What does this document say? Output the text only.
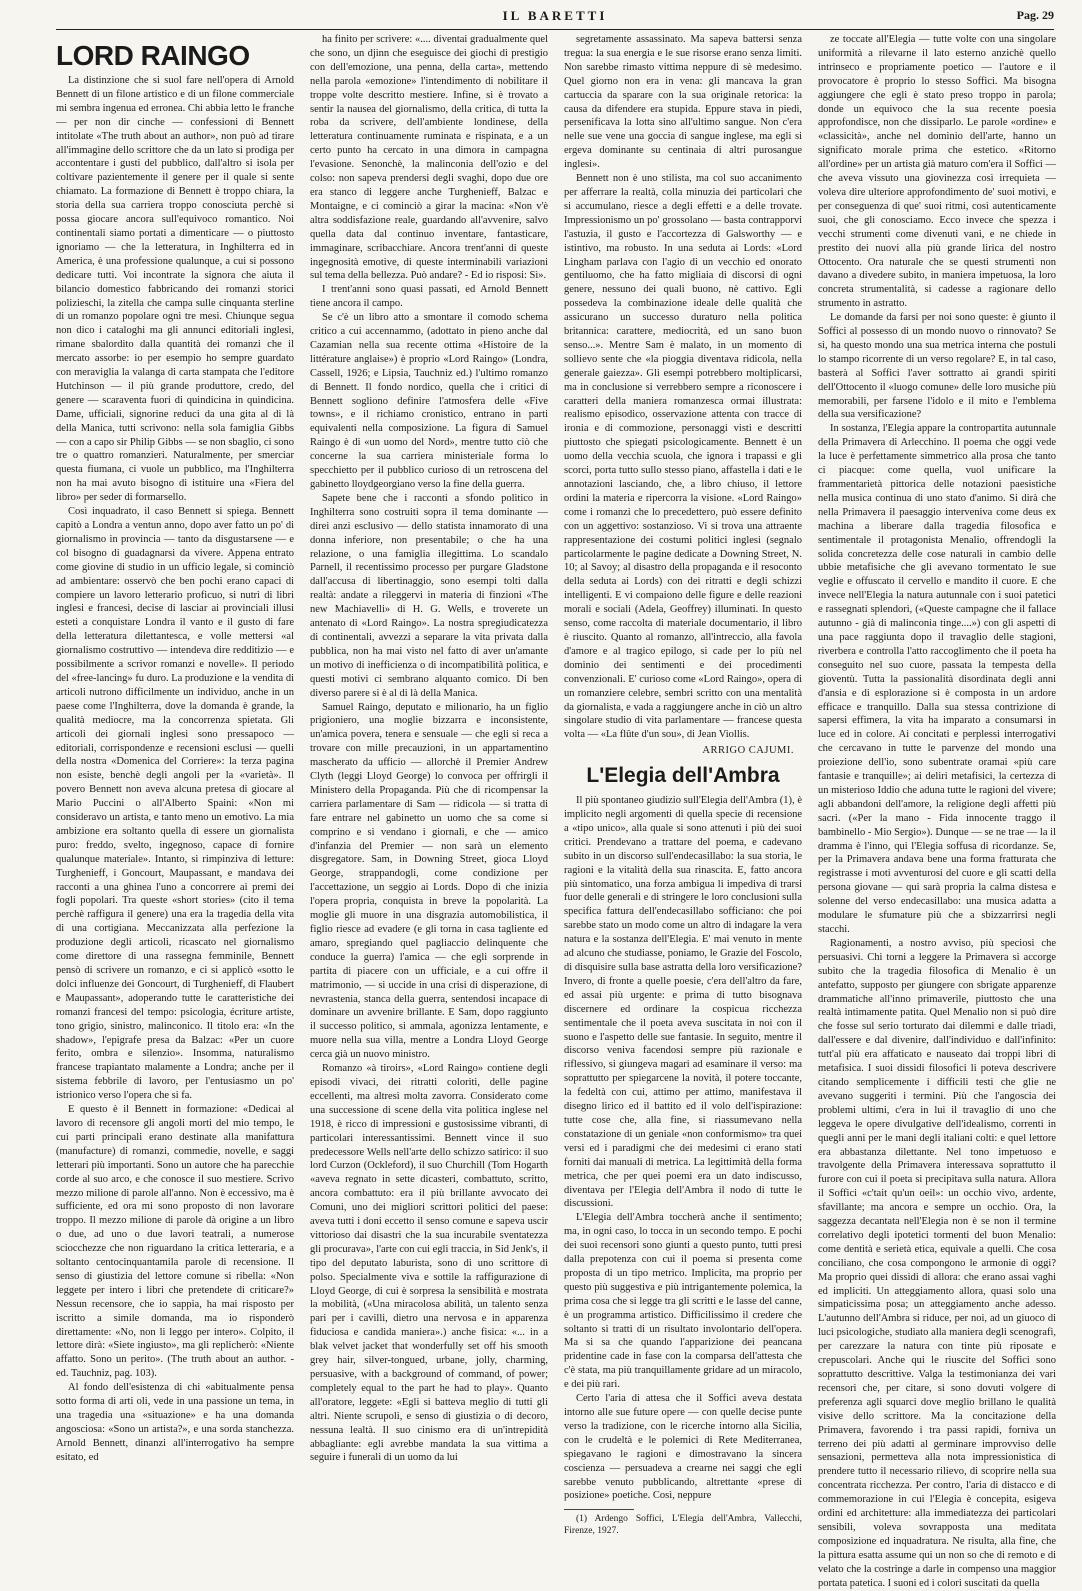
IL BARETTI	Pag. 29
LORD RAINGO

La distinzione che si suol fare nell'opera di Arnold Bennett di un filone artistico e di un filone commerciale mi sembra ingenua ed erronea. Chi abbia letto le franche — per non dir cinche — confessioni di Bennett intitolate «The truth about an author», non può ad tirare all'immagine dello scrittore che da un lato si prodiga per accontentare i gusti del pubblico, dall'altro si isola per coltivare pazientemente il genere per il quale si sente chiamato. La formazione di Bennett è troppo chiara, la storia della sua carriera troppo conosciuta perchè si possa giocare ancora sull'equivoco romantico. Noi continentali siamo portati a dimenticare — o piuttosto ignoriamo — che la letteratura, in Inghilterra ed in America, è una professione qualunque, a cui si possono dedicare tutti. Voi incontrate la signora che aiuta il bilancio domestico fabbricando dei romanzi storici polizieschi, la zitella che campa sulle cinquanta sterline di un romanzo popolare ogni tre mesi. Chiunque segua non dico i cataloghi ma gli annunci editoriali inglesi, rimane sbalordito dalla quantità dei romanzi che il mercato assorbe: io per esempio ho sempre guardato con meraviglia la valanga di carta stampata che l'editore Hutchinson — il più grande produttore, credo, del genere — scaraventa fuori di quindicina in quindicina. Dame, ufficiali, signorine reduci da una gita al di là della Manica, tutti scrivono: nella sola famiglia Gibbs — con a capo sir Philip Gibbs — se non sbaglio, ci sono tre o quattro romanzieri. Naturalmente, per smerciar questa fiumana, ci vuole un pubblico, ma l'Inghilterra non ha mai avuto bisogno di istituire una «Fiera del libro» per seder di formarsello.

Così inquadrato, il caso Bennett si spiega. Bennett capitò a Londra a ventun anno, dopo aver fatto un po' di giornalismo in provincia — tanto da disgustarsene — e col bisogno di guadagnarsi da vivere. Appena entrato come giovine di studio in un ufficio legale, si cominciò ad ambientare: osservò che ben pochi erano capaci di compiere un lavoro letterario proficuo, si nutrì di libri inglesi e francesi, decise di lasciar ai provinciali illusi esteti a conquistare Londra il vanto e il gusto di fare della letteratura dilettantesca, e volle mettersi «al giornalismo costruttivo — intendeva dire redditizio — e possibilmente a scrivor romanzi e novelle». Il periodo del «free-lancing» fu duro. La produzione e la vendita di articoli nutrono difficilmente un individuo, anche in un paese come l'Inghilterra, dove la domanda è grande, la qualità mediocre, ma la concorrenza spietata. Gli articoli dei giornali inglesi sono pressapoco — editoriali, corrispondenze e recensioni esclusi — quelli della nostra «Domenica del Corriere»: la terza pagina non esiste, benchè degli angoli per la «varietà». Il povero Bennett non aveva alcuna pretesa di giocare al Mario Puccini o all'Alberto Spaini: «Non mi consideravo un artista, e tanto meno un emotivo. La mia ambizione era soltanto quella di essere un giornalista puro: freddo, svelto, ingegnoso, capace di fornire qualunque materiale». Intanto, si rimpinziva di letture: Turghenieff, i Goncourt, Maupassant, e mandava dei racconti a una ghinea l'uno a concorrere ai premi dei fogli popolari. Tra queste «short stories» (cito il tema perchè raffigura il genere) una era la tragedia della vita di una cortigiana. Meccanizzata alla perfezione la produzione degli articoli, ricascato nel giornalismo come direttore di una rassegna femminile, Bennett pensò di scrivere un romanzo, e ci si applicò «sotto le dolci influenze dei Goncourt, di Turghenieff, di Flaubert e Maupassant», adoperando tutte le caratteristiche dei romanzi francesi del tempo: psicologia, écriture artiste, tono grigio, sinistro, malinconico. Il titolo era: «In the shadow», l'epigrafe presa da Balzac: «Per un cuore ferito, ombra e silenzio». Insomma, naturalismo francese trapiantato malamente a Londra; anche per il sistema febbrile di lavoro, per l'entusiasmo un po' istrionico verso l'opera che si fa.

E questo è il Bennett in formazione: «Dedicai al lavoro di recensore gli angoli morti del mio tempo, le cui parti principali erano destinate alla manifattura (manufacture) di romanzi, commedie, novelle, e saggi letterari più importanti. Sono un autore che ha parecchie corde al suo arco, e che conosce il suo mestiere. Scrivo mezzo milione di parole all'anno. Non è eccessivo, ma è sufficiente, ed ora mi sono proposto di non lavorare troppo. Il mezzo milione di parole dà origine a un libro o due, ad uno o due lavori teatrali, a numerose sciocchezze che non riguardano la critica letteraria, e a soltanto centocinquantamila parole di recensione. Il senso di giustizia del lettore comune si ribella: «Non leggete per intero i libri che pretendete di criticare?» Nessun recensore, che io sappia, ha mai risposto per iscritto a simile domanda, ma io risponderò direttamente: «No, non li leggo per intero». Colpito, il lettore dirà: «Siete ingiusto», ma gli replicherò: «Niente affatto. Sono un perito». (The truth about an author. - ed. Tauchniz, pag. 103).

Al fondo dell'esistenza di chi «abitualmente pensa sotto forma di arti oli, vede in una passione un tema, in una tragedia una «situazione» e ha una domanda angosciosa: «Sono un artista?», e una sorda stanchezza. Arnold Bennett, dinanzi all'interrogativo ha sempre esitato, ed

ha finito per scrivere: «.... diventai gradualmente quel che sono, un djinn che eseguisce dei giochi di prestigio con dell'emozione, una penna, della carta», mettendo nella parola «emozione» l'intendimento di nobilitare il troppe volte descritto mestiere. Infine, si è trovato a sentir la nausea del giornalismo, della critica, di tutta la roba da scrivere, dell'ambiente londinese, della letteratura continuamente ruminata e rispinata, e a un certo punto ha cercato in una dimora in campagna l'evasione. Senonchè, la malinconia dell'ozio e del colso: non sapeva prendersi degli svaghi, dopo due ore era stanco di leggere anche Turghenieff, Balzac e Montaigne, e ci cominciò a girar la macina: «Non v'è altra soddisfazione reale, guardando all'avvenire, salvo quella data dal continuo inventare, fantasticare, immaginare, scribacchiare. Ancora trent'anni di queste ingegnosità emotive, di queste interminabili variazioni sul tema della bellezza. Può andare? - Ed io risposi: Sì».

I trent'anni sono quasi passati, ed Arnold Bennett tiene ancora il campo.

Se c'è un libro atto a smontare il comodo schema critico a cui accennammo, (adottato in pieno anche dal Cazamian nella sua recente ottima «Histoire de la littérature anglaise») è proprio «Lord Raingo» (Londra, Cassell, 1926; e Lipsia, Tauchniz ed.) l'ultimo romanzo di Bennett. Il fondo nordico, quella che i critici di Bennett sogliono definire l'atmosfera delle «Five towns», e il richiamo cronistico, entrano in parti equivalenti nella composizione. La figura di Samuel Raingo è di «un uomo del Nord», mentre tutto ciò che concerne la sua carriera ministeriale forma lo specchietto per il pubblico curioso di un retroscena del gabinetto lloydgeorgiano verso la fine della guerra.

Sapete bene che i racconti a sfondo politico in Inghilterra sono costruiti sopra il tema dominante — direi anzi esclusivo — dello statista innamorato di una donna inferiore, non presentabile; o che ha una relazione, o una famiglia illegittima. Lo scandalo Parnell, il recentissimo processo per purgare Gladstone dall'accusa di libertinaggio, sono esempi tolti dalla realtà: andate a rileggervi in materia di finzioni «The new Machiavelli» di H. G. Wells, e troverete un antenato di «Lord Raingo». La nostra spregiudicatezza di continentali, avvezzi a separare la vita privata dalla pubblica, non ha mai visto nel fatto di aver un'amante un motivo di inefficienza o di incompatibilità politica, e questi motivi ci sembrano alquanto comico. Di ben diverso parere si è al di là della Manica.

Samuel Raingo, deputato e milionario, ha un figlio prigioniero, una moglie bizzarra e inconsistente, un'amica povera, tenera e sensuale — che egli si reca a trovare con mille precauzioni, in un appartamentino mascherato da ufficio — allorchè il Premier Andrew Clyth (leggi Lloyd George) lo convoca per offrirgli il Ministero della Propaganda. Più che di ricompensar la carriera parlamentare di Sam — ridicola — si tratta di fare entrare nel gabinetto un uomo che sa come si comprino e si vendano i giornali, e che — amico d'infanzia del Premier — non sarà un elemento disgregatore. Sam, in Downing Street, gioca Lloyd George, strappandogli, come condizione per l'accettazione, un seggio ai Lords. Dopo di che inizia l'opera propria, conquista in breve la popolarità. La moglie gli muore in una disgrazia automobilistica, il figlio riesce ad evadere (e gli torna in casa tagliente ed amaro, spregiando quel pagliaccio delinquente che conduce la guerra) l'amica — che egli sorprende in partita di piacere con un ufficiale, e a cui offre il matrimonio, — si uccide in una crisi di disperazione, di nevrastenia, stanca della guerra, sentendosi incapace di dominare un avvenire brillante. E Sam, dopo raggiunto il successo politico, si ammala, agonizza lentamente, e muore nella sua villa, mentre a Londra Lloyd George cerca già un nuovo ministro.

Romanzo «à tiroirs», «Lord Raingo» contiene degli episodi vivaci, dei ritratti coloriti, delle pagine eccellenti, ma altresì molta zavorra. Considerato come una successione di scene della vita politica inglese nel 1918, è ricco di impressioni e gustosissime vibranti, di particolari interessantissimi. Bennett vince il suo predecessore Wells nell'arte dello schizzo satirico: il suo lord Curzon (Ockleford), il suo Churchill (Tom Hogarth «aveva regnato in sette dicasteri, combattuto, scritto, ancora combattuto: era il più brillante avvocato dei Comuni, uno dei migliori scrittori politici del paese: aveva tutti i doni eccetto il senso comune e sapeva uscir vittorioso dai disastri che la sua incurabile sventatezza gli procurava», l'arte con cui egli traccia, in Sid Jenk's, il tipo del deputato laburista, sono di uno scrittore di polso. Specialmente viva e sottile la raffigurazione di Lloyd George, di cui è sorpresa la sensibilità e mostrata la mobilità, («Una miracolosa abilità, un talento senza pari per i cavilli, dietro una nervosa e in apparenza fiduciosa e candida maniera».) anche fisica: «... in a blak velvet jacket that wonderfully set off his smooth grey hair, silver-tongued, urbane, jolly, charming, persuasive, with a background of command, of power; completely equal to the part he had to play». Quanto all'oratore, leggete: «Egli si batteva meglio di tutti gli altri. Niente scrupoli, e senso di giustizia o di decoro, nessuna lealtà. Il suo cinismo era di un'intrepidità abbagliante: egli avrebbe mandata la sua vittima a seguire i funerali di un uomo da lui

segretamente assassinato. Ma sapeva battersi senza tregua: la sua energia e le sue risorse erano senza limiti. Non sarebbe rimasto vittima neppure di sè medesimo. Quel giorno non era in vena: gli mancava la gran cartuccia da sparare con la sua originale retorica: la causa da difendere era stupida. Eppure stava in piedi, persenificava la lotta sino all'ultimo sangue. Non c'era nelle sue vene una goccia di sangue inglese, ma egli si ergeva dominante su centinaia di altri purosangue inglesi».

Bennett non è uno stilista, ma col suo accanimento per afferrare la realtà, colla minuzia dei particolari che si accumulano, riesce a degli effetti e a delle trovate. Impressionismo un po' grossolano — basta contrapporvi l'astuzia, il gusto e l'accortezza di Galsworthy — e istintivo, ma robusto. In una seduta ai Lords: «Lord Lingham parlava con l'agio di un vecchio ed onorato gentiluomo, che ha fatto migliaia di discorsi di ogni genere, nessuno dei quali buono, nè cattivo. Egli possedeva la combinazione ideale delle qualità che assicurano un successo duraturo nella politica britannica: carattere, mediocrità, ed un sano buon senso...». Mentre Sam è malato, in un momento di sollievo sente che «la pioggia diventava ridicola, nella generale gaiezza». Gli esempi potrebbero moltiplicarsi, ma in conclusione si verrebbero sempre a riconoscere i caratteri della maniera romanzesca ormai illustrata: realismo episodico, osservazione attenta con tracce di ironia e di commozione, personaggi visti e descritti piuttosto che spiegati psicologicamente. Bennett è un uomo della vecchia scuola, che ignora i trapassi e gli scorci, porta tutto sullo stesso piano, affastella i dati e le annotazioni lasciando, che, a libro chiuso, il lettore ordini la materia e ripercorra la visione. «Lord Raingo» come i romanzi che lo precedettero, può essere definito con un aggettivo: sostanzioso. Vi si trova una attraente rappresentazione dei costumi politici inglesi (segnalo particolarmente le pagine dedicate a Downing Street, N. 10; al Savoy; al disastro della propaganda e il resoconto della seduta ai Lords) con dei ritratti e degli schizzi intelligenti. E vi compaiono delle figure e delle reazioni morali e sociali (Adela, Geoffrey) illuminati. In questo senso, come raccolta di materiale documentario, il libro è riuscito. Quanto al romanzo, all'intreccio, alla favola d'amore e al tragico epilogo, si cade per lo più nel dominio dei sentimenti e dei procedimenti convenzionali. E' curioso come «Lord Raingo», opera di un romanziere celebre, sembri scritto con una mentalità da giornalista, e vada a raggiungere anche in ciò un altro singolare studio di vita parlamentare — francese questa volta — «La flûte d'un sou», di Jean Viollis.

ARRIGO CAJUMI.
L'Elegia dell'Ambra

Il più spontaneo giudizio sull'Elegia dell'Ambra (1), è implicito negli argomenti di quella specie di recensione a «tipo unico», alla quale si sono attenuti i più dei suoi critici. Prendevano a trattare del poema, e cadevano subito in un discorso sull'endecasillabo: la sua storia, le ragioni e la vitalità della sua rinascita. E, fatto ancora più sintomatico, una forza ambigua li impediva di trarsi fuor delle generali e di stringere le loro conclusioni sulla specifica fattura dell'endecasillabo sofficiano: che poi sarebbe stato un modo come un altro di indagare la vera natura e la sostanza dell'Elegia. E' mai venuto in mente ad alcuno che studiasse, poniamo, le Grazie del Foscolo, di disquisire sulla base astratta della loro versificazione? Invero, di fronte a quelle poesie, c'era dell'altro da fare, ed assai più urgente: e prima di tutto bisognava discernere ed ordinare la cospicua ricchezza sentimentale che il poeta aveva suscitata in noi con il suono e l'aspetto delle sue fantasie. In seguito, mentre il discorso veniva facendosi sempre più razionale e riflessivo, si giungeva magari ad esaminare il verso: ma soprattutto per spiegarcene la novità, il potere toccante, la fedeltà con cui, attimo per attimo, manifestava il disegno lirico ed il battito ed il volo dell'ispirazione: tutte cose che, alla fine, si riassumevano nella constatazione di un geniale «non conformismo» tra quei versi ed i paradigmi che dei medesimi ci erano stati forniti dai manuali di metrica. La legittimità della forma metrica, che per quei poemi era un dato indiscusso, diventava per l'Elegia dell'Ambra il nodo di tutte le discussioni.

L'Elegia dell'Ambra toccherà anche il sentimento; ma, in ogni caso, lo tocca in un secondo tempo. E pochi dei suoi recensori sono giunti a questo punto, tutti presi dalla prepotenza con cui il poema si presenta come proposta di un tipo metrico. Implicita, ma proprio per questo più suggestiva e più intrigantemente polemica, la prima cosa che si legge tra gli scritti e le lasse del canne, è un programma artistico. Difficilissimo il credere che soltanto si tratti di un risultato involontario dell'opera. Ma si sa che quando l'apparizione dei peancana pridentine cade in fase con la comparsa dell'attesta che c'è stata, ma più tranquillamente gridare ad un miracolo, e dei più rari.

Certo l'aria di attesa che il Soffici aveva destata intorno alle sue future opere — con quelle decise punte verso la tradizione, con le ricerche intorno alla Sicilia, con le crudeltà e le polemici di Rete Mediterranea, spiegavano le ragioni e dimostravano la sincera coscienza — persuadeva a crearne nei saggi che egli sarebbe venuto pubblicando, altrettante «prese di posizione» poetiche. Così, neppure

(1) Ardengo Soffici, L'Elegia dell'Ambra, Vallecchi, Firenze, 1927.

ze toccate all'Elegia — tutte volte con una singolare uniformità a rilevarne il lato esterno anzichè quello intrinseco e propriamente poetico — l'autore e il provocatore è proprio lo stesso Soffici. Ma bisogna aggiungere che egli è stato preso troppo in parola; donde un equivoco che la sua recente poesia approfondisce, non che dissiparlo. Le parole «ordine» e «classicità», anche nel dominio dell'arte, hanno un significato morale prima che estetico. «Ritorno all'ordine» per un artista già maturo com'era il Soffici — che aveva vissuto una giovinezza così irrequieta — voleva dire ulteriore approfondimento de' suoi motivi, e per conseguenza di que' suoi ritmi, così autenticamente suoi, che gli conosciamo. Ecco invece che spezza i vecchi strumenti come divenuti vani, e ne chiede in prestito dei nuovi alla più grande lirica del nostro Ottocento. Ora naturale che se questi strumenti non davano a divedere subito, in maniera impetuosa, la loro concreta strumentalità, si cadesse a ragionare dello strumento in astratto.

Le domande da farsi per noi sono queste: è giunto il Soffici al possesso di un mondo nuovo o rinnovato? Se sì, ha questo mondo una sua metrica interna che postuli lo stampo ricorrente di un verso regolare? E, in tal caso, basterà al Soffici l'aver sottratto ai grandi spiriti dell'Ottocento il «luogo comune» delle loro musiche più memorabili, per farsene l'idolo e il mito e l'emblema della sua versificazione?

In sostanza, l'Elegia appare la contropartita autunnale della Primavera di Arlecchino. Il poema che oggi vede la luce è perfettamente simmetrico alla prosa che tanto ci piacque: come quella, vuol unificare la frammentarietà pittorica delle notazioni paesistiche nella musica continua di uno stato d'animo. Si dirà che nella Primavera il paesaggio interveniva come deus ex machina a liberare dalla tragedia filosofica e sentimentale il protagonista Menalio, offrendogli la solida concretezza delle cose naturali in cambio delle ubbie metafisiche che gli avevano tormentato le sue veglie e offuscato il cervello e mandito il cuore. E che invece nell'Elegia la natura autunnale con i suoi patetici e rassegnati splendori, («Queste campagne che il fallace autunno - già di malinconia tinge....») con gli aspetti di una pace raggiunta dopo il travaglio delle stagioni, riverbera e controlla l'atto raccoglimento che il poeta ha conseguito nel suo cuore, passata la tempesta della gioventù. Tutta la passionalità disordinata degli anni d'ansia e di esplorazione si è composta in un ardore efficace e tranquillo. Dalla sua stessa contrizione di sapersi effimera, la vita ha imparato a consumarsi in luce ed in colore. Ai concitati e perplessi interrogativi che cercavano in tutte le parvenze del mondo una proiezione dell'io, sono subentrate oramai «più care fantasie e tranquille»; ai deliri metafisici, la certezza di un misterioso Iddio che aduna tutte le ragioni del vivere; agli abbandoni dell'amore, la religione degli affetti più sacri. («Per la mano - Fida innocente traggo il bambinello - Mio Sergio»). Dunque — se ne trae — la il dramma è l'inno, qui l'Elegia soffusa di ricordanze. Se, per la Primavera andava bene una forma fratturata che registrasse i moti avventurosi del cuore e gli scatti della persona giovane — qui sarà propria la calma distesa e solenne del verso endecasillabo: una musica adatta a modulare le sfumature più che a sbizzarrirsi negli stacchi.

Ragionamenti, a nostro avviso, più speciosi che persuasivi. Chi torni a leggere la Primavera si accorge subito che la tragedia filosofica di Menalio è un antefatto, supposto per giungere con sbrigate apparenze drammatiche all'inno primaverile, piuttosto che una realtà intimamente patita. Quel Menalio non si può dire che fosse sul serio torturato dai dilemmi e dalle triadi, dall'essere e dal divenire, dall'individuo e dall'infinito: tutt'al più era affaticato e nauseato dai troppi libri di metafisica. I suoi dissidi filosofici li poteva descrivere citando semplicemente i difficili testi che glie ne avevano suggeriti i termini. Più che l'angoscia dei problemi ultimi, c'era in lui il travaglio di uno che leggeva le opere divulgative dell'idealismo, correnti in quegli anni per le mani degli italiani colti: e quel lettore era abbastanza dilettante. Nel tono impetuoso e travolgente della Primavera interessava soprattutto il furore con cui il poeta si precipitava sulla natura. Allora il Soffici «c'tait qu'un oeil»: un occhio vivo, ardente, sfavillante; ma ancora e sempre un occhio. Ora, la saggezza decantata nell'Elegia non è se non il termine correlativo degli ipotetici tormenti del buon Menalio: come dentità e serietà etica, equivale a quelli. Che cosa conciliano, che cosa compongono le armonie di oggi? Ma proprio quei dissidi di allora: che erano assai vaghi ed impliciti. Un atteggiamento allora, quasi solo una simpaticissima posa; un atteggiamento anche adesso. L'autunno dell'Ambra si riduce, per noi, ad un giuoco di luci psicologiche, studiato alla maniera degli scenografi, per carezzare la natura con tinte più riposate e crepuscolari. Anche qui le riuscite del Soffici sono soprattutto descrittive. Valga la testimonianza dei vari recensori che, per citare, si sono dovuti volgere di preferenza agli squarci dove meglio brillano le qualità visive dello scrittore. Ma la concitazione della Primavera, favorendo i tra passi rapidi, forniva un terreno dei più adatti al germinare improvviso delle sensazioni, permetteva alla nota impressionistica di prendere tutto il necessario rilievo, di scoprire nella sua concentrata ricchezza. Per contro, l'aria di distacco e di commemorazione in cui l'Elegia è concepita, esigeva ordini ed architetture: alla immediatezza dei particolari sensibili, voleva sovrapposta una meditata composizione ed inquadratura. Ne risulta, alla fine, che la pittura esatta assume qui un non so che di remoto e di velato che la costringe a darle in compenso una maggior portata patetica. I suoni ed i colori suscitati da quella
